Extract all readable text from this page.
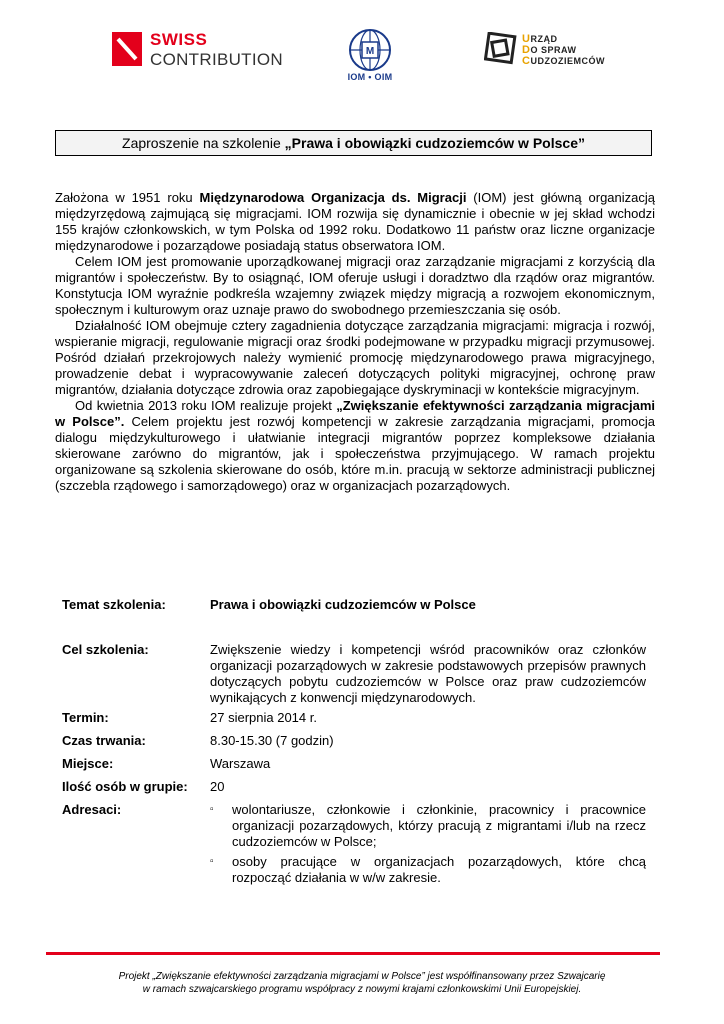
SWISS
CONTRIBUTION	M
IOM • OIM
URZĄD
DO SPRAW
CUDZOZIEMCÓW
Zaproszenie na szkolenie „Prawa i obowiązki cudzoziemców w Polsce”

Założona w 1951 roku Międzynarodowa Organizacja ds. Migracji (IOM) jest główną organizacją międzyrzędową zajmującą się migracjami. IOM rozwija się dynamicznie i obecnie w jej skład wchodzi 155 krajów członkowskich, w tym Polska od 1992 roku. Dodatkowo 11 państw oraz liczne organizacje międzynarodowe i pozarządowe posiadają status obserwatora IOM.

Celem IOM jest promowanie uporządkowanej migracji oraz zarządzanie migracjami z korzyścią dla migrantów i społeczeństw. By to osiągnąć, IOM oferuje usługi i doradztwo dla rządów oraz migrantów. Konstytucja IOM wyraźnie podkreśla wzajemny związek między migracją a rozwojem ekonomicznym, społecznym i kulturowym oraz uznaje prawo do swobodnego przemieszczania się osób.

Działalność IOM obejmuje cztery zagadnienia dotyczące zarządzania migracjami: migracja i rozwój, wspieranie migracji, regulowanie migracji oraz środki podejmowane w przypadku migracji przymusowej. Pośród działań przekrojowych należy wymienić promocję międzynarodowego prawa migracyjnego, prowadzenie debat i wypracowywanie zaleceń dotyczących polityki migracyjnej, ochronę praw migrantów, działania dotyczące zdrowia oraz zapobiegające dyskryminacji w kontekście migracyjnym.

Od kwietnia 2013 roku IOM realizuje projekt „Zwiększanie efektywności zarządzania migracjami w Polsce”. Celem projektu jest rozwój kompetencji w zakresie zarządzania migracjami, promocja dialogu międzykulturowego i ułatwianie integracji migrantów poprzez kompleksowe działania skierowane zarówno do migrantów, jak i społeczeństwa przyjmującego. W ramach projektu organizowane są szkolenia skierowane do osób, które m.in. pracują w sektorze administracji publicznej (szczebla rządowego i samorządowego) oraz w organizacjach pozarządowych.

Temat szkolenia:	Prawa i obowiązki cudzoziemców w Polsce
Cel szkolenia:	Zwiększenie wiedzy i kompetencji wśród pracowników oraz członków organizacji pozarządowych w zakresie podstawowych przepisów prawnych dotyczących pobytu cudzoziemców w Polsce oraz praw cudzoziemców wynikających z konwencji międzynarodowych.
Termin:	27 sierpnia 2014 r.
Czas trwania:	8.30-15.30 (7 godzin)
Miejsce:	Warszawa
Ilość osób w grupie: 20
Adresaci:	▫ wolontariusze, członkowie i członkinie, pracownicy i pracownice organizacji pozarządowych, którzy pracują z migrantami i/lub na rzecz cudzoziemców w Polsce;
▫ osoby pracujące w organizacjach pozarządowych, które chcą rozpocząć działania w w/w zakresie.
Projekt „Zwiększanie efektywności zarządzania migracjami w Polsce” jest współfinansowany przez Szwajcarię
w ramach szwajcarskiego programu współpracy z nowymi krajami członkowskimi Unii Europejskiej.
